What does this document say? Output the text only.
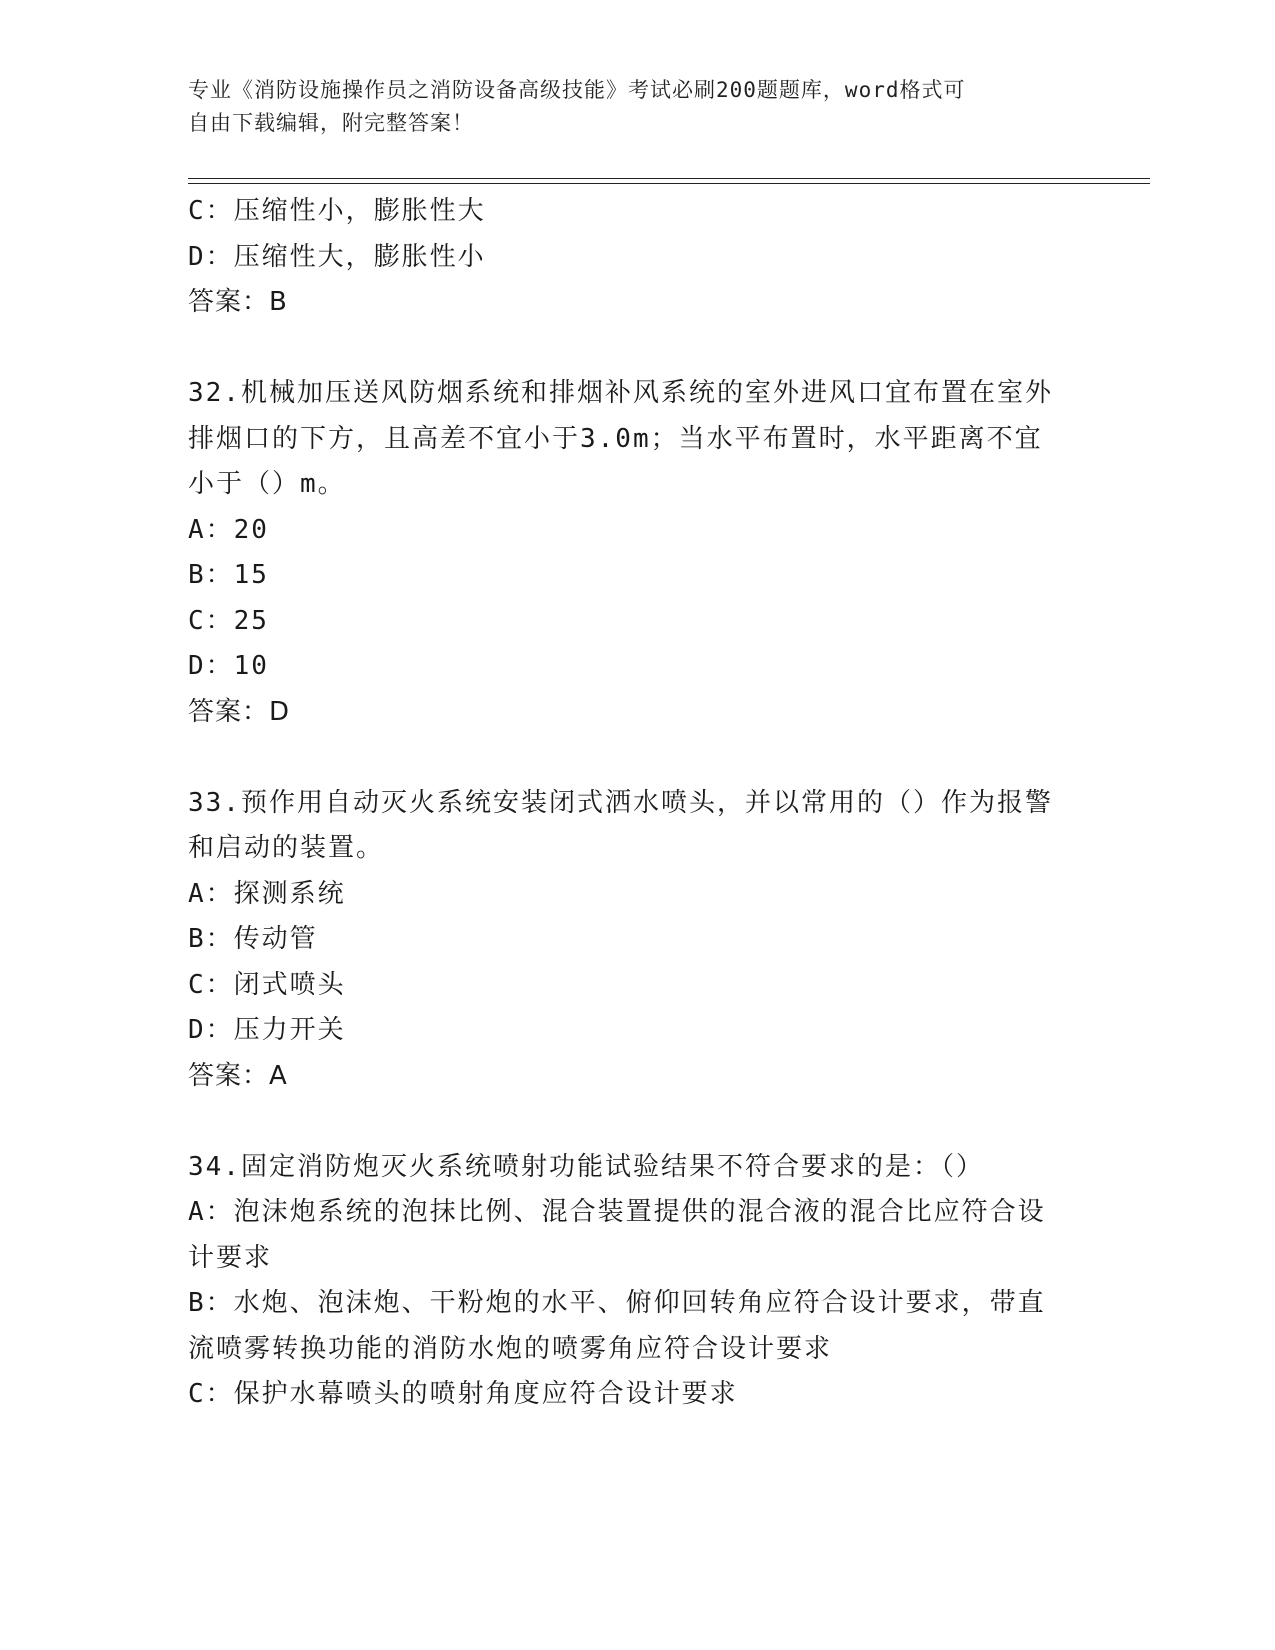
专业《消防设施操作员之消防设备高级技能》考试必刷200题题库，word格式可
自由下载编辑，附完整答案！
C：压缩性小，膨胀性大
D：压缩性大，膨胀性小
答案：B
32.机械加压送风防烟系统和排烟补风系统的室外进风口宜布置在室外
排烟口的下方，且高差不宜小于3.0m；当水平布置时，水平距离不宜
小于（）m。
A：20
B：15
C：25
D：10
答案：D
33.预作用自动灭火系统安装闭式洒水喷头，并以常用的（）作为报警
和启动的装置。
A：探测系统
B：传动管
C：闭式喷头
D：压力开关
答案：A
34.固定消防炮灭火系统喷射功能试验结果不符合要求的是：（）
A：泡沫炮系统的泡抹比例、混合装置提供的混合液的混合比应符合设
计要求
B：水炮、泡沫炮、干粉炮的水平、俯仰回转角应符合设计要求，带直
流喷雾转换功能的消防水炮的喷雾角应符合设计要求
C：保护水幕喷头的喷射角度应符合设计要求
